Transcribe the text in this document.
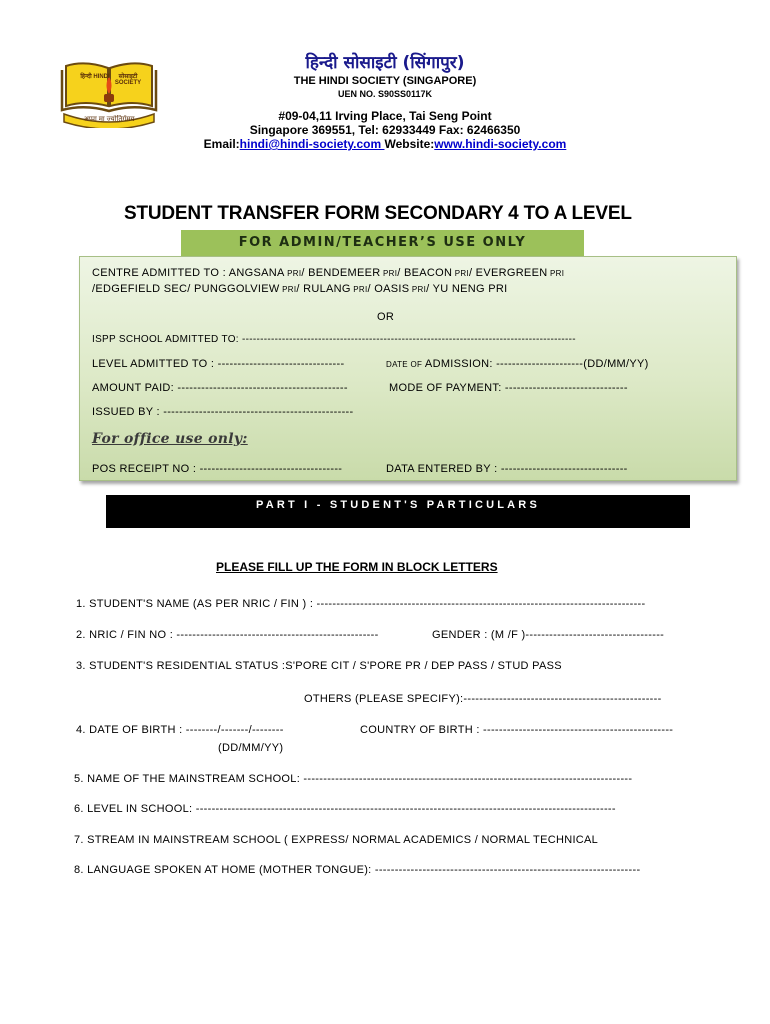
हिन्दी HINDI	सोसाइटी SOCIETY
अप्पा मा ज्योतिर्गमय
हिन्दी सोसाइटी (सिंगापुर)
THE HINDI SOCIETY (SINGAPORE)
UEN NO. S90SS0117K
#09-04,11 Irving Place, Tai Seng Point
Singapore 369551, Tel: 62933449 Fax: 62466350
Email:hindi@hindi-society.com Website:www.hindi-society.com
STUDENT TRANSFER FORM SECONDARY 4 TO A LEVEL
FOR ADMIN/TEACHER’S USE ONLY
CENTRE ADMITTED TO : ANGSANA PRI/ BENDEMEER PRI/ BEACON PRI/ EVERGREEN PRI
/EDGEFIELD SEC/ PUNGGOLVIEW PRI/ RULANG PRI/ OASIS PRI/ YU NENG PRI
OR
ISPP SCHOOL ADMITTED TO: --------------------------------------------------------------------------------------------
LEVEL ADMITTED TO : --------------------------------	DATE OF ADMISSION: ----------------------(DD/MM/YY)
AMOUNT PAID: -------------------------------------------	MODE OF PAYMENT: -------------------------------
ISSUED BY : ------------------------------------------------
For office use only:
POS RECEIPT NO : ------------------------------------	DATA ENTERED BY : --------------------------------
PART I - STUDENT'S PARTICULARS
PLEASE FILL UP THE FORM IN BLOCK LETTERS
1. STUDENT'S NAME (AS PER NRIC / FIN ) : -----------------------------------------------------------------------------------
2. NRIC / FIN NO : ---------------------------------------------------	GENDER : (M /F )-----------------------------------
3. STUDENT'S RESIDENTIAL STATUS :S'PORE CIT / S'PORE PR / DEP PASS / STUD PASS
OTHERS (PLEASE SPECIFY):--------------------------------------------------
4. DATE OF BIRTH : --------/-------/--------	COUNTRY OF BIRTH : ------------------------------------------------
(DD/MM/YY)
5. NAME OF THE MAINSTREAM SCHOOL: -----------------------------------------------------------------------------------
6. LEVEL IN SCHOOL: ----------------------------------------------------------------------------------------------------------
7. STREAM IN MAINSTREAM SCHOOL ( EXPRESS/ NORMAL ACADEMICS / NORMAL TECHNICAL
8. LANGUAGE SPOKEN AT HOME (MOTHER TONGUE): -------------------------------------------------------------------
